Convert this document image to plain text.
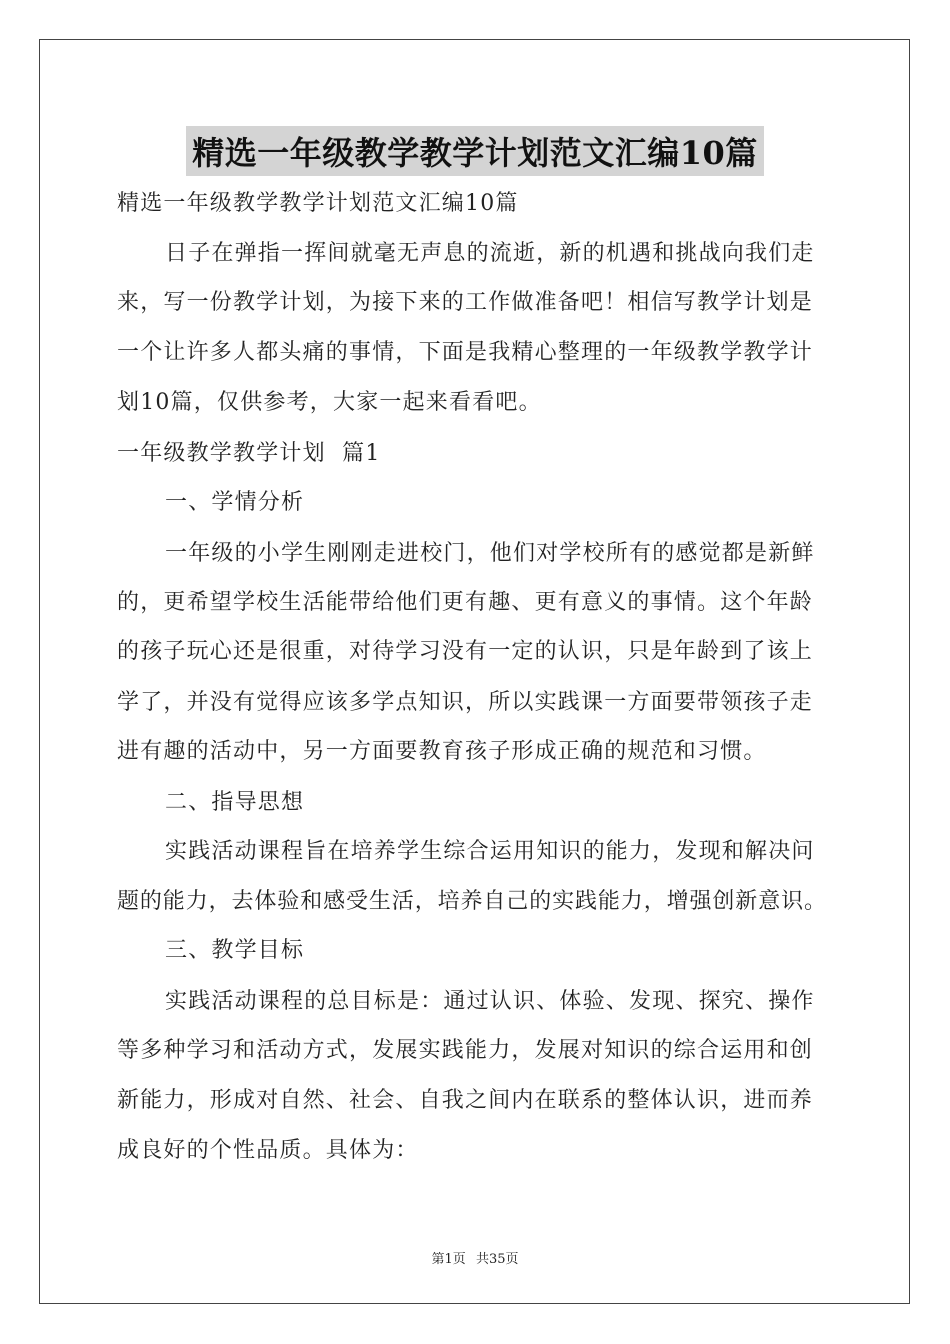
精选一年级教学教学计划范文汇编10篇
精选一年级教学教学计划范文汇编10篇
日子在弹指一挥间就毫无声息的流逝，新的机遇和挑战向我们走
来，写一份教学计划，为接下来的工作做准备吧！相信写教学计划是
一个让许多人都头痛的事情，下面是我精心整理的一年级教学教学计
划10篇，仅供参考，大家一起来看看吧。
一年级教学教学计划  篇1
一、学情分析
一年级的小学生刚刚走进校门，他们对学校所有的感觉都是新鲜
的，更希望学校生活能带给他们更有趣、更有意义的事情。这个年龄
的孩子玩心还是很重，对待学习没有一定的认识，只是年龄到了该上
学了，并没有觉得应该多学点知识，所以实践课一方面要带领孩子走
进有趣的活动中，另一方面要教育孩子形成正确的规范和习惯。
二、指导思想
实践活动课程旨在培养学生综合运用知识的能力，发现和解决问
题的能力，去体验和感受生活，培养自己的实践能力，增强创新意识。
三、教学目标
实践活动课程的总目标是：通过认识、体验、发现、探究、操作
等多种学习和活动方式，发展实践能力，发展对知识的综合运用和创
新能力，形成对自然、社会、自我之间内在联系的整体认识，进而养
成良好的个性品质。具体为：
第1页 共35页
